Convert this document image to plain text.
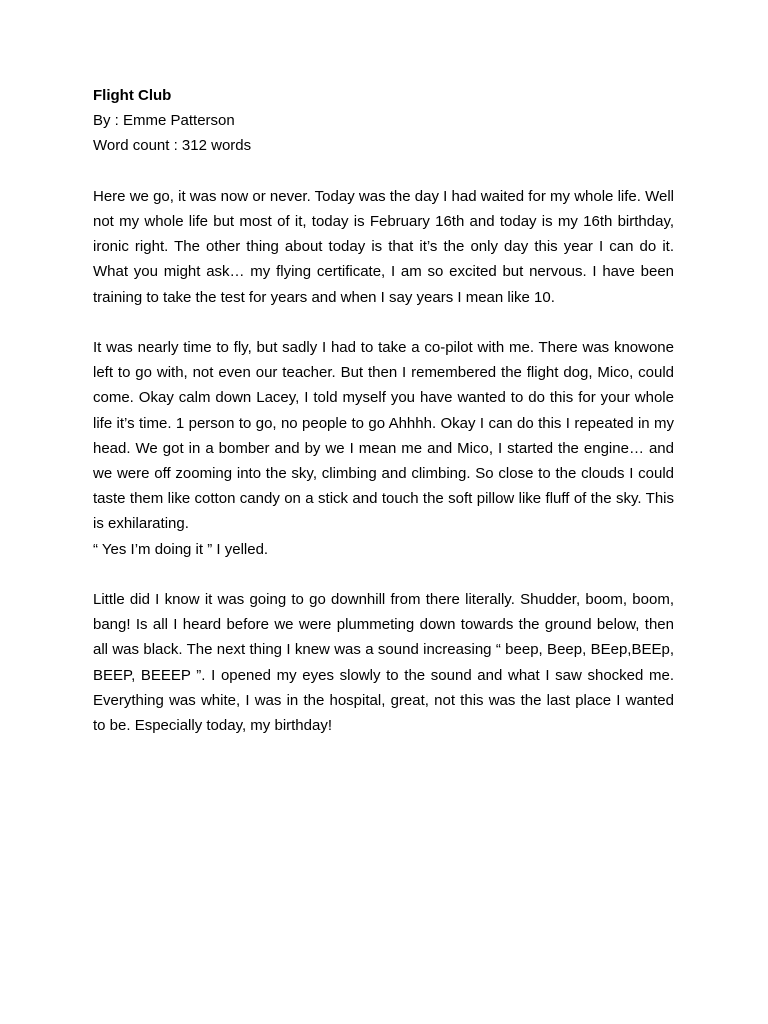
Flight Club

By : Emme Patterson

Word count : 312 words

Here we go, it was now or never. Today was the day I had waited for my whole life. Well not my whole life but most of it, today is February 16th and today is my 16th birthday, ironic right. The other thing about today is that it’s the only day this year I can do it. What you might ask… my flying certificate, I am so excited but nervous. I have been training to take the test for years and when I say years I mean like 10.

It was nearly time to fly, but sadly I had to take a co-pilot with me. There was knowone left to go with, not even our teacher. But then I remembered the flight dog, Mico, could come. Okay calm down Lacey, I told myself you have wanted to do this for your whole life it’s time. 1 person to go, no people to go Ahhhh. Okay I can do this I repeated in my head. We got in a bomber and by we I mean me and Mico, I started the engine… and we were off zooming into the sky, climbing and climbing. So close to the clouds I could taste them like cotton candy on a stick and touch the soft pillow like fluff of the sky. This is exhilarating.

“ Yes I’m doing it ” I yelled.

Little did I know it was going to go downhill from there literally. Shudder, boom, boom, bang! Is all I heard before we were plummeting down towards the ground below, then all was black. The next thing I knew was a sound increasing “ beep, Beep, BEep,BEEp, BEEP, BEEEP ”. I opened my eyes slowly to the sound and what I saw shocked me. Everything was white, I was in the hospital, great, not this was the last place I wanted to be. Especially today, my birthday!
